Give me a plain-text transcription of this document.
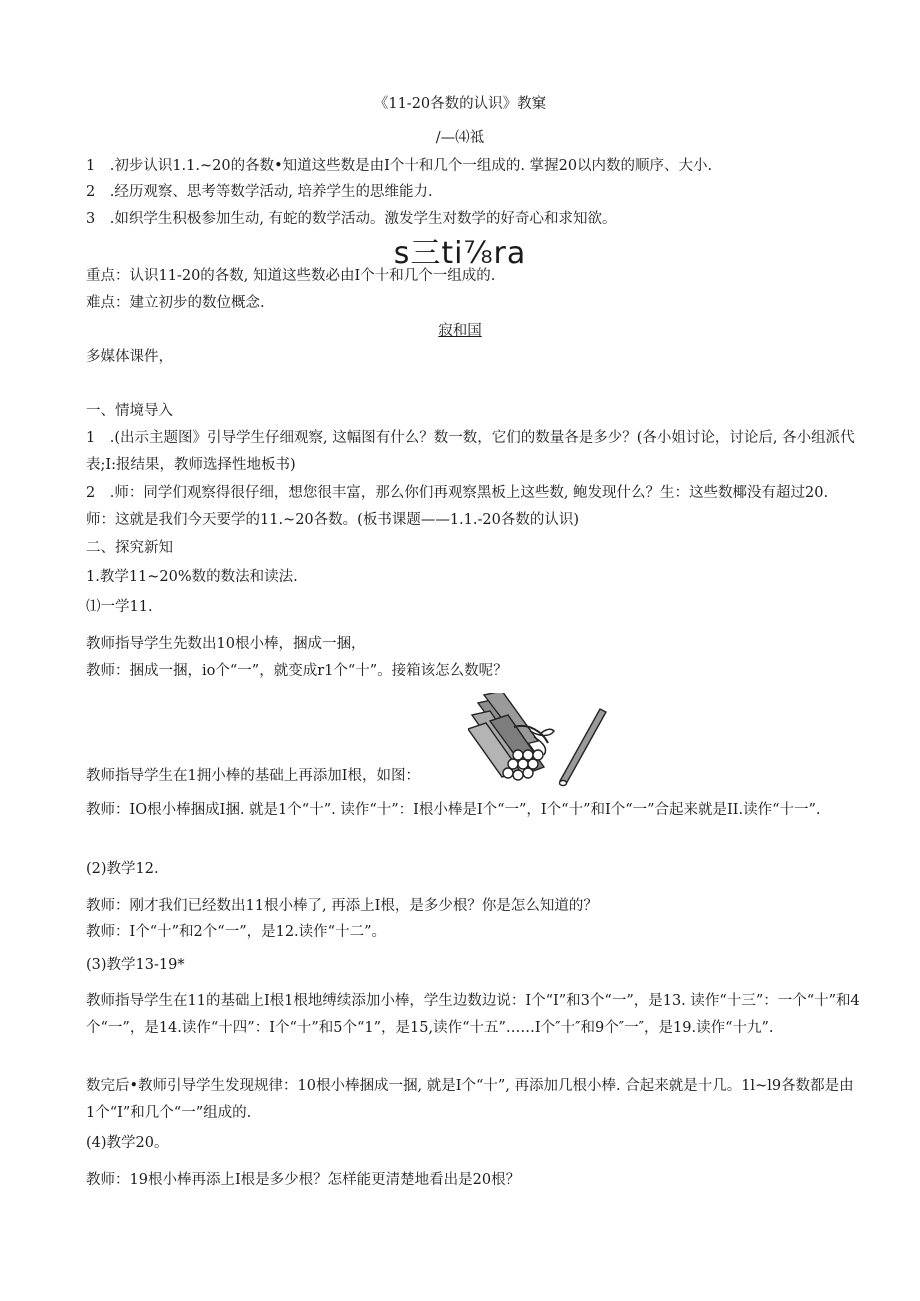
《11-20各数的认识》教窠
/—⑷祗
1　.初步认识1.1.~20的各数•知道这些数是由I个十和几个一组成的. 掌握20以内数的顺序、大小.
2　.经历观察、思考等数学活动, 培养学生的思维能力.
3　.如织学生积极参加生动, 有蛇的数学活动。激发学生对数学的好奇心和求知欲。
s三ti⅞ra
重点：认识11-20的各数, 知道这些数必由I个十和几个一组成的.
难点：建立初步的数位概念.
寂和国
多媒体课件，
一、情境导入
1　.(出示主题图》引导学生仔细观察, 这幅图有什么？数一数，它们的数量各是多少？(各小姐讨论，讨论后, 各小组派代表;I:报结果，教师选择性地板书)
2　.师：同学们观察得很仔细，想您很丰富，那么你们再观察黑板上这些数, 鲍发现什么？生：这些数椰没有超过20.
师：这就是我们今天要学的11.~20各数。(板书课题——1.1.-20各数的认识)
二、探究新知
1.教学11~20%数的数法和读法.
⑴一学11.
教师指导学生先数出10根小棒，捆成一捆，
教师：捆成一捆，io个“一”，就变成r1个“十”。接箱该怎么数呢？
教师指导学生在1拥小棒的基础上再添加I根，如图：
教师：IO根小棒捆成I捆. 就是1个“十”. 读作“十”：I根小棒是I个“一”，I个“十”和I个“一”合起来就是II.读作“十一”.
(2)教学12.
教师：刚才我们已经数出11根小棒了, 再添上I根，是多少根？你是怎么知道的？
教师：I个“十”和2个“一”，是12.读作“十二”。
(3)教学13-19*
教师指导学生在11的基础上I根1根地缚续添加小棒，学生边数边说：I个“I”和3个“一”，是13. 读作“十三”：一个“十”和4个“一”，是14.读作“十四”：I个“十”和5个“1”，是15,读作“十五”……I个″十″和9个″一″，是19.读作“十九”.
数完后•教师引导学生发现规律：10根小棒捆成一捆, 就是I个“十”, 再添加几根小棒. 合起来就是十几。1l~l9各数都是由1个“I”和几个“一”组成的.
(4)教学20。
教师：19根小棒再添上I根是多少根？怎样能更清楚地看出是20根？
